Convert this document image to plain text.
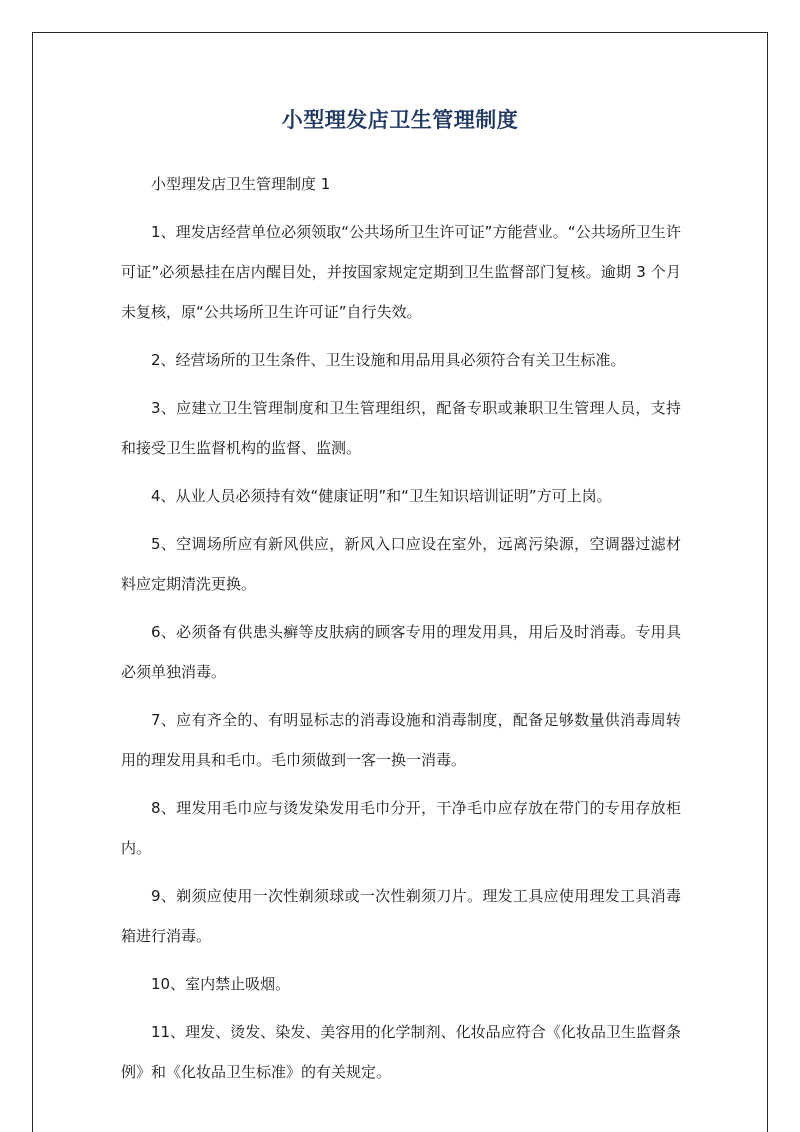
小型理发店卫生管理制度

小型理发店卫生管理制度 1

1、理发店经营单位必须领取“公共场所卫生许可证”方能营业。“公共场所卫生许可证”必须悬挂在店内醒目处，并按国家规定定期到卫生监督部门复核。逾期 3 个月未复核，原“公共场所卫生许可证”自行失效。

2、经营场所的卫生条件、卫生设施和用品用具必须符合有关卫生标准。

3、应建立卫生管理制度和卫生管理组织，配备专职或兼职卫生管理人员，支持和接受卫生监督机构的监督、监测。

4、从业人员必须持有效“健康证明”和“卫生知识培训证明”方可上岗。

5、空调场所应有新风供应，新风入口应设在室外，远离污染源，空调器过滤材料应定期清洗更换。

6、必须备有供患头癣等皮肤病的顾客专用的理发用具，用后及时消毒。专用具必须单独消毒。

7、应有齐全的、有明显标志的消毒设施和消毒制度，配备足够数量供消毒周转用的理发用具和毛巾。毛巾须做到一客一换一消毒。

8、理发用毛巾应与烫发染发用毛巾分开，干净毛巾应存放在带门的专用存放柜内。

9、剃须应使用一次性剃须球或一次性剃须刀片。理发工具应使用理发工具消毒箱进行消毒。

10、室内禁止吸烟。

11、理发、烫发、染发、美容用的化学制剂、化妆品应符合《化妆品卫生监督条例》和《化妆品卫生标准》的有关规定。
